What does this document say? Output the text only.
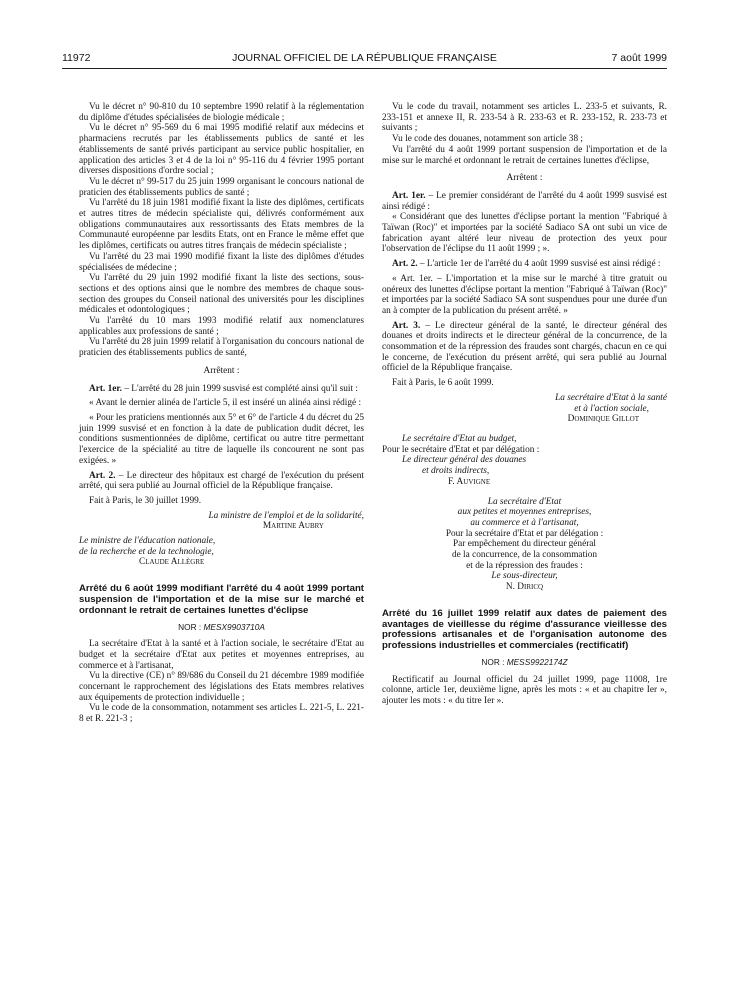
11972	JOURNAL OFFICIEL DE LA RÉPUBLIQUE FRANÇAISE	7 août 1999

Vu le décret n° 90-810 du 10 septembre 1990 relatif à la réglementation du diplôme d'études spécialisées de biologie médicale ;

Vu le décret n° 95-569 du 6 mai 1995 modifié relatif aux médecins et pharmaciens recrutés par les établissements publics de santé et les établissements de santé privés participant au service public hospitalier, en application des articles 3 et 4 de la loi n° 95-116 du 4 février 1995 portant diverses dispositions d'ordre social ;

Vu le décret n° 99-517 du 25 juin 1999 organisant le concours national de praticien des établissements publics de santé ;

Vu l'arrêté du 18 juin 1981 modifié fixant la liste des diplômes, certificats et autres titres de médecin spécialiste qui, délivrés conformément aux obligations communautaires aux ressortissants des Etats membres de la Communauté européenne par lesdits Etats, ont en France le même effet que les diplômes, certificats ou autres titres français de médecin spécialiste ;

Vu l'arrêté du 23 mai 1990 modifié fixant la liste des diplômes d'études spécialisées de médecine ;

Vu l'arrêté du 29 juin 1992 modifié fixant la liste des sections, sous-sections et des options ainsi que le nombre des membres de chaque sous-section des groupes du Conseil national des universités pour les disciplines médicales et odontologiques ;

Vu l'arrêté du 10 mars 1993 modifié relatif aux nomenclatures applicables aux professions de santé ;

Vu l'arrêté du 28 juin 1999 relatif à l'organisation du concours national de praticien des établissements publics de santé,

Arrêtent :

Art. 1er. – L'arrêté du 28 juin 1999 susvisé est complété ainsi qu'il suit :

« Avant le dernier alinéa de l'article 5, il est inséré un alinéa ainsi rédigé :

« Pour les praticiens mentionnés aux 5° et 6° de l'article 4 du décret du 25 juin 1999 susvisé et en fonction à la date de publication dudit décret, les conditions susmentionnées de diplôme, certificat ou autre titre permettant l'exercice de la spécialité au titre de laquelle ils concourent ne sont pas exigées. »

Art. 2. – Le directeur des hôpitaux est chargé de l'exécution du présent arrêté, qui sera publié au Journal officiel de la République française.

Fait à Paris, le 30 juillet 1999.

La ministre de l'emploi et de la solidarité,

Martine Aubry

Le ministre de l'éducation nationale,

de la recherche et de la technologie,

Claude Allègre

Arrêté du 6 août 1999 modifiant l'arrêté du 4 août 1999 portant suspension de l'importation et de la mise sur le marché et ordonnant le retrait de certaines lunettes d'éclipse

NOR : MESX9903710A

La secrétaire d'Etat à la santé et à l'action sociale, le secrétaire d'Etat au budget et la secrétaire d'Etat aux petites et moyennes entreprises, au commerce et à l'artisanat,

Vu la directive (CE) n° 89/686 du Conseil du 21 décembre 1989 modifiée concernant le rapprochement des législations des Etats membres relatives aux équipements de protection individuelle ;

Vu le code de la consommation, notamment ses articles L. 221-5, L. 221-8 et R. 221-3 ;

Vu le code du travail, notamment ses articles L. 233-5 et suivants, R. 233-151 et annexe II, R. 233-54 à R. 233-63 et R. 233-152, R. 233-73 et suivants ;

Vu le code des douanes, notamment son article 38 ;

Vu l'arrêté du 4 août 1999 portant suspension de l'importation et de la mise sur le marché et ordonnant le retrait de certaines lunettes d'éclipse,

Arrêtent :

Art. 1er. – Le premier considérant de l'arrêté du 4 août 1999 susvisé est ainsi rédigé :

« Considérant que des lunettes d'éclipse portant la mention "Fabriqué à Taïwan (Roc)" et importées par la société Sadiaco SA ont subi un vice de fabrication ayant altéré leur niveau de protection des yeux pour l'observation de l'éclipse du 11 août 1999 ; ».

Art. 2. – L'article 1er de l'arrêté du 4 août 1999 susvisé est ainsi rédigé :

« Art. 1er. – L'importation et la mise sur le marché à titre gratuit ou onéreux des lunettes d'éclipse portant la mention "Fabriqué à Taïwan (Roc)" et importées par la société Sadiaco SA sont suspendues pour une durée d'un an à compter de la publication du présent arrêté. »

Art. 3. – Le directeur général de la santé, le directeur général des douanes et droits indirects et le directeur général de la concurrence, de la consommation et de la répression des fraudes sont chargés, chacun en ce qui le concerne, de l'exécution du présent arrêté, qui sera publié au Journal officiel de la République française.

Fait à Paris, le 6 août 1999.

La secrétaire d'Etat à la santé

et à l'action sociale,

Dominique Gillot

Le secrétaire d'Etat au budget,

Pour le secrétaire d'Etat et par délégation :

Le directeur général des douanes

et droits indirects,

F. Auvigne

La secrétaire d'Etat

aux petites et moyennes entreprises,

au commerce et à l'artisanat,

Pour la secrétaire d'Etat et par délégation :

Par empêchement du directeur général

de la concurrence, de la consommation

et de la répression des fraudes :

Le sous-directeur,

N. Diricq

Arrêté du 16 juillet 1999 relatif aux dates de paiement des avantages de vieillesse du régime d'assurance vieillesse des professions artisanales et de l'organisation autonome des professions industrielles et commerciales (rectificatif)

NOR : MESS9922174Z

Rectificatif au Journal officiel du 24 juillet 1999, page 11008, 1re colonne, article 1er, deuxième ligne, après les mots : « et au chapitre Ier », ajouter les mots : « du titre Ier ».
